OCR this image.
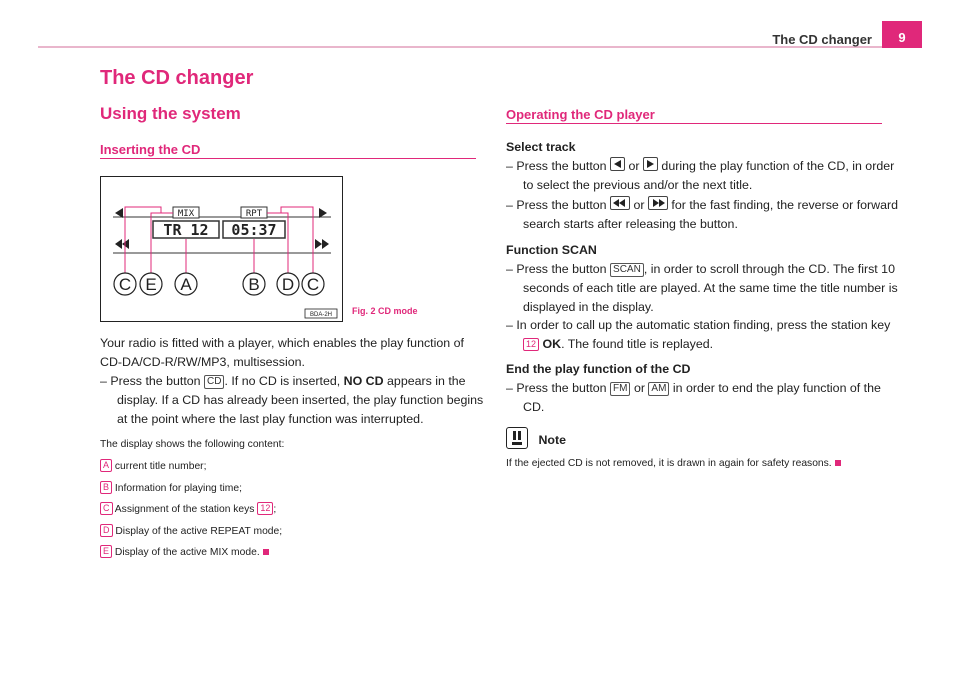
The CD changer	9
The CD changer
Using the system
Inserting the CD
MIX	RPT
TR 12 05:37
C E A	B D C
BDA-2H Fig. 2 CD mode
Your radio is fitted with a player, which enables the play function of CD-DA/CD-R/RW/MP3, multisession.
– Press the button CD . If no CD is inserted, NO CD appears in the display. If a CD has already been inserted, the play function begins at the point where the last play function was interrupted.
The display shows the following content:
A current title number;
B Information for playing time;
C Assignment of the station keys 12 ;
D Display of the active REPEAT mode;
E Display of the active MIX mode.
Operating the CD player
Select track
– Press the button or during the play function of the CD, in order to select the previous and/or the next title.
– Press the button or for the fast finding, the reverse or forward search starts after releasing the button.
Function SCAN
– Press the button SCAN , in order to scroll through the CD. The first 10 seconds of each title are played. At the same time the title number is displayed in the display.
– In order to call up the automatic station finding, press the station key 12 OK. The found title is replayed.
End the play function of the CD
– Press the button FM or AM in order to end the play function of the CD.
Note
If the ejected CD is not removed, it is drawn in again for safety reasons.
